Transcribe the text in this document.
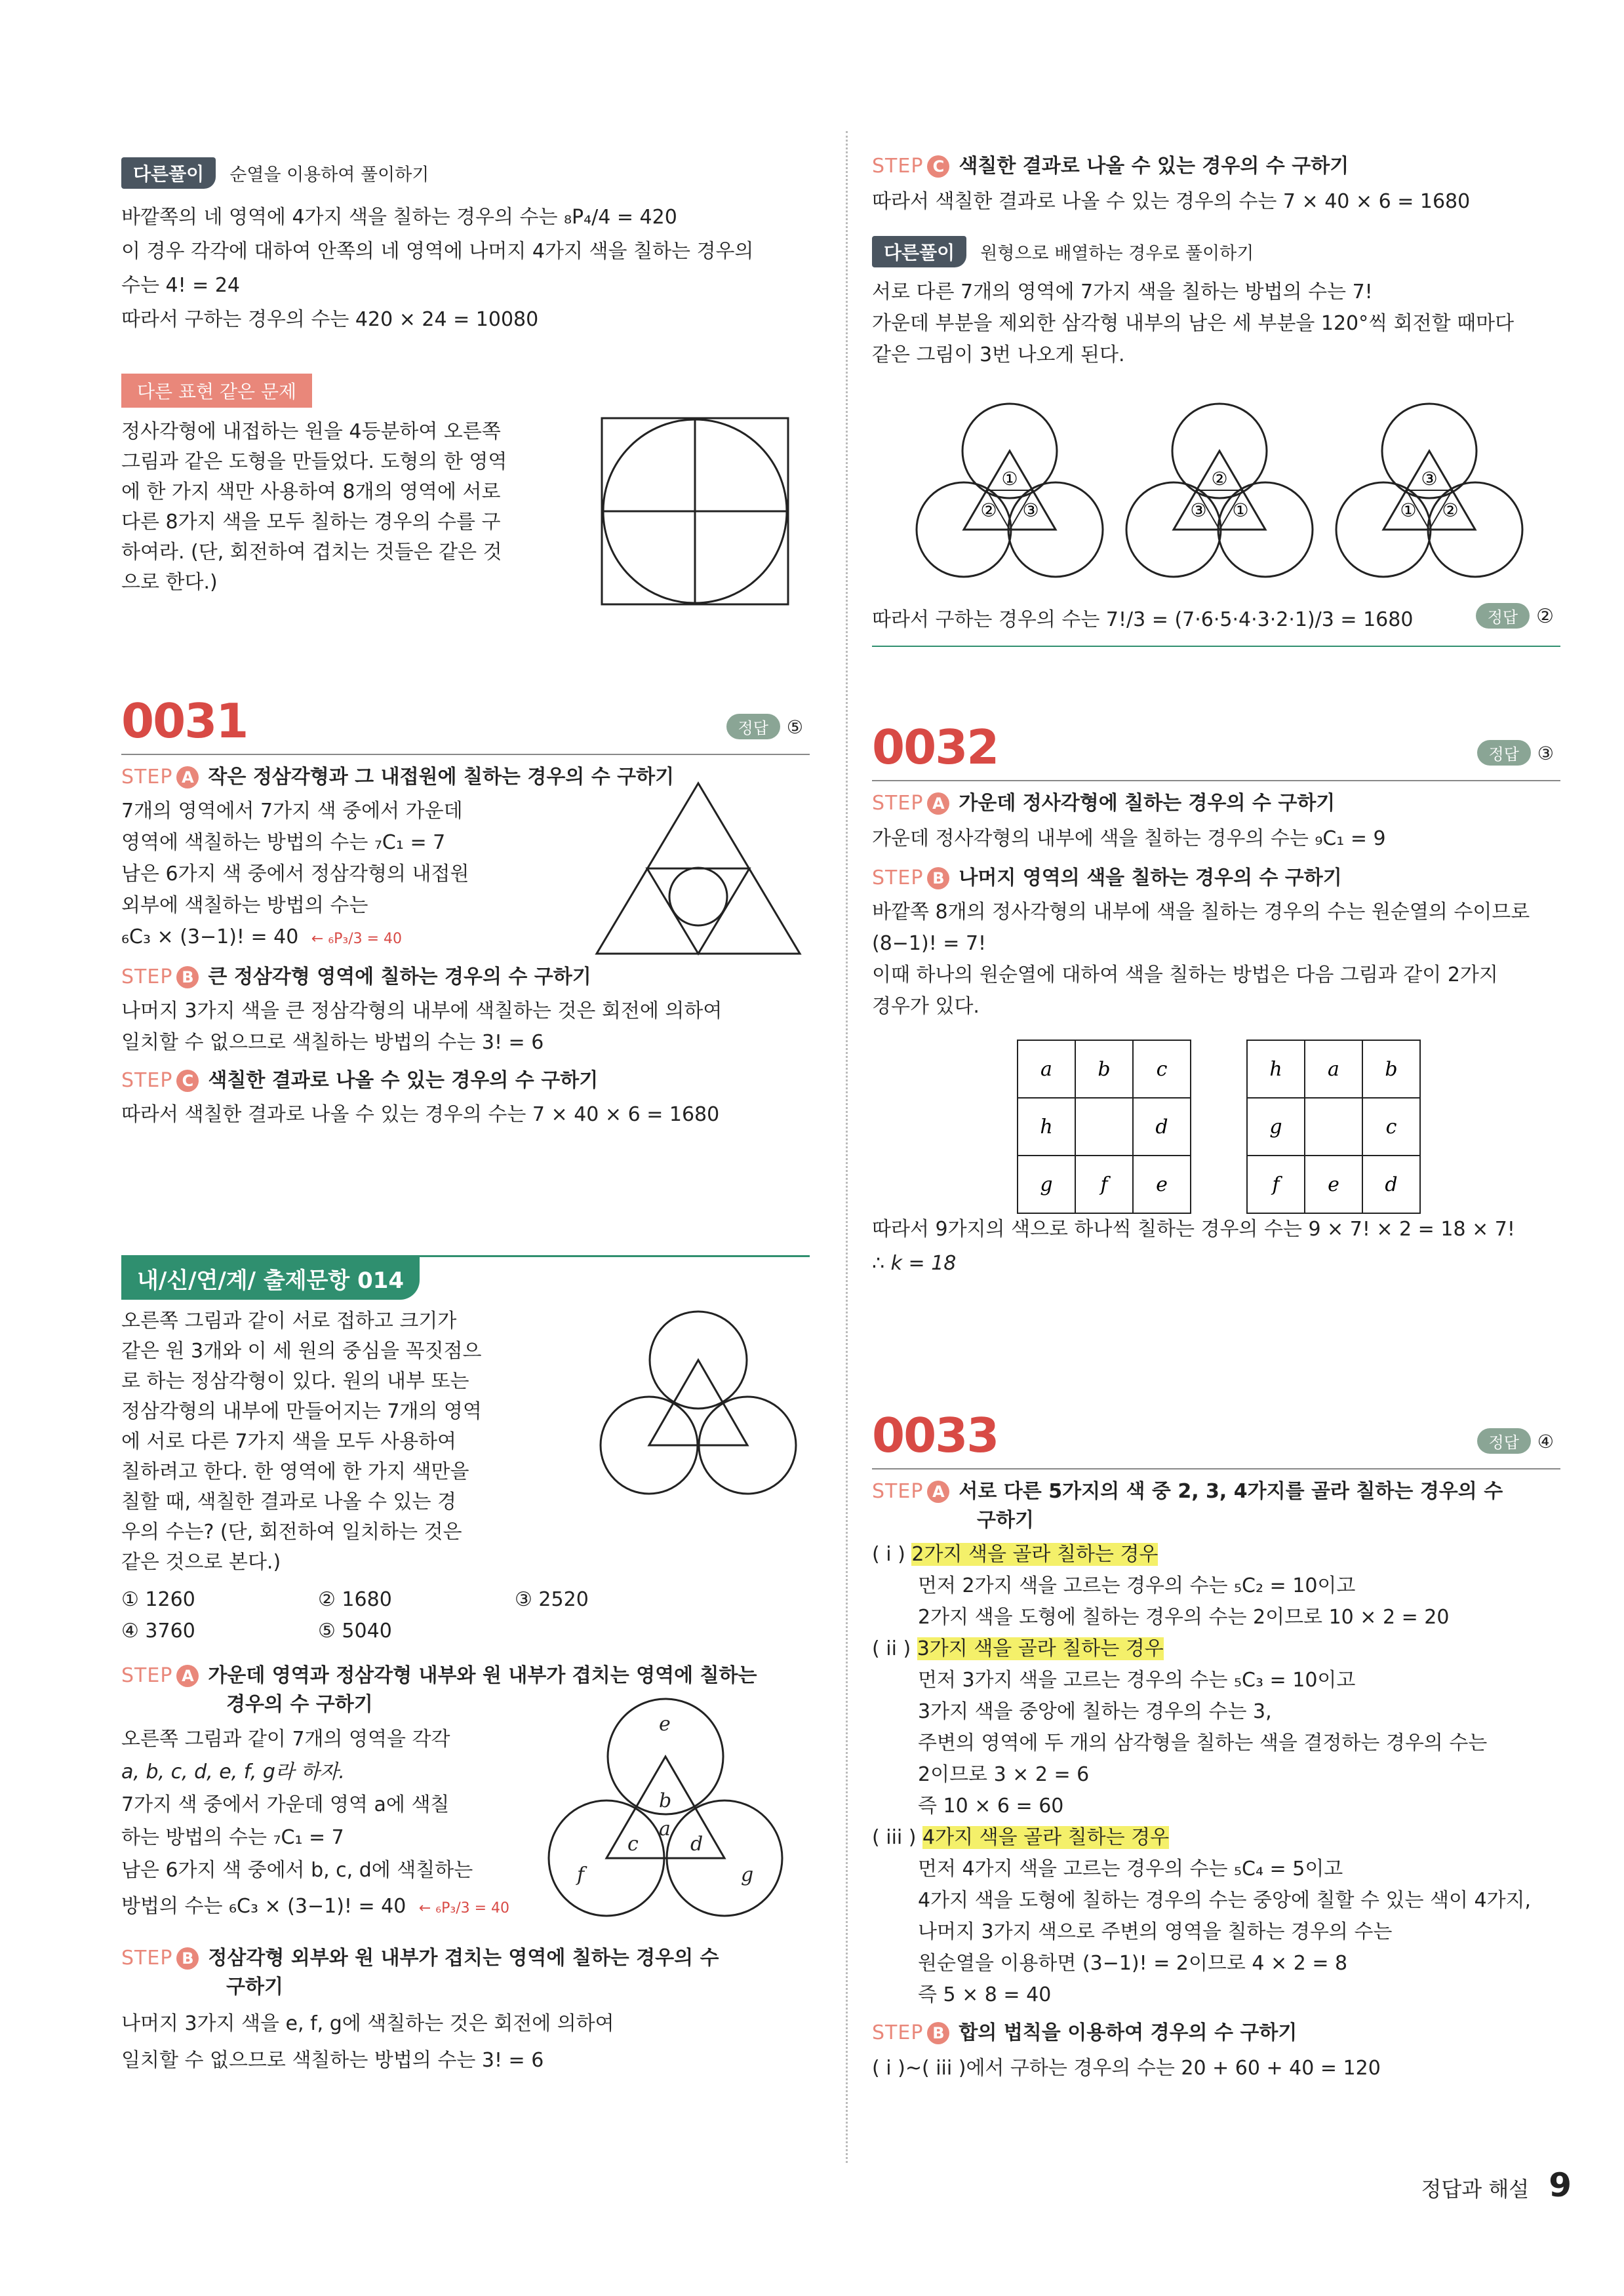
다른풀이 순열을 이용하여 풀이하기

바깥쪽의 네 영역에 4가지 색을 칠하는 경우의 수는 ₈P₄/4 = 420

이 경우 각각에 대하여 안쪽의 네 영역에 나머지 4가지 색을 칠하는 경우의

수는 4! = 24

따라서 구하는 경우의 수는 420 × 24 = 10080

다른 표현 같은 문제

정사각형에 내접하는 원을 4등분하여 오른쪽

그림과 같은 도형을 만들었다. 도형의 한 영역

에 한 가지 색만 사용하여 8개의 영역에 서로

다른 8가지 색을 모두 칠하는 경우의 수를 구

하여라. (단, 회전하여 겹치는 것들은 같은 것

으로 한다.)

0031	정답 ⑤
STEP A 작은 정삼각형과 그 내접원에 칠하는 경우의 수 구하기

7개의 영역에서 7가지 색 중에서 가운데

영역에 색칠하는 방법의 수는 ₇C₁ = 7

남은 6가지 색 중에서 정삼각형의 내접원

외부에 색칠하는 방법의 수는

₆C₃ × (3−1)! = 40 ← ₆P₃/3 = 40

STEP B 큰 정삼각형 영역에 칠하는 경우의 수 구하기

나머지 3가지 색을 큰 정삼각형의 내부에 색칠하는 것은 회전에 의하여

일치할 수 없으므로 색칠하는 방법의 수는 3! = 6

STEP C 색칠한 결과로 나올 수 있는 경우의 수 구하기

따라서 색칠한 결과로 나올 수 있는 경우의 수는 7 × 40 × 6 = 1680

내/신/연/계/ 출제문항 014

오른쪽 그림과 같이 서로 접하고 크기가

같은 원 3개와 이 세 원의 중심을 꼭짓점으

로 하는 정삼각형이 있다. 원의 내부 또는

정삼각형의 내부에 만들어지는 7개의 영역

에 서로 다른 7가지 색을 모두 사용하여

칠하려고 한다. 한 영역에 한 가지 색만을

칠할 때, 색칠한 결과로 나올 수 있는 경

우의 수는? (단, 회전하여 일치하는 것은

같은 것으로 본다.)

① 1260	② 1680	③ 2520
④ 3760	⑤ 5040
STEP A 가운데 영역과 정삼각형 내부와 원 내부가 겹치는 영역에 칠하는
경우의 수 구하기

오른쪽 그림과 같이 7개의 영역을 각각

a, b, c, d, e, f, g라 하자.

7가지 색 중에서 가운데 영역 a에 색칠

하는 방법의 수는 ₇C₁ = 7

남은 6가지 색 중에서 b, c, d에 색칠하는

방법의 수는 ₆C₃ × (3−1)! = 40 ← ₆P₃/3 = 40

e
b
a
c	d
f	g
STEP B 정삼각형 외부와 원 내부가 겹치는 영역에 칠하는 경우의 수
구하기

나머지 3가지 색을 e, f, g에 색칠하는 것은 회전에 의하여

일치할 수 없으므로 색칠하는 방법의 수는 3! = 6

STEP C 색칠한 결과로 나올 수 있는 경우의 수 구하기

따라서 색칠한 결과로 나올 수 있는 경우의 수는 7 × 40 × 6 = 1680

다른풀이 원형으로 배열하는 경우로 풀이하기

서로 다른 7개의 영역에 7가지 색을 칠하는 방법의 수는 7!

가운데 부분을 제외한 삼각형 내부의 남은 세 부분을 120°씩 회전할 때마다

같은 그림이 3번 나오게 된다.

①
② ③
②
③ ①
③
① ②
따라서 구하는 경우의 수는 7!/3 = (7·6·5·4·3·2·1)/3 = 1680	정답 ②
0032	정답 ③
STEP A 가운데 정사각형에 칠하는 경우의 수 구하기

가운데 정사각형의 내부에 색을 칠하는 경우의 수는 ₉C₁ = 9

STEP B 나머지 영역의 색을 칠하는 경우의 수 구하기

바깥쪽 8개의 정사각형의 내부에 색을 칠하는 경우의 수는 원순열의 수이므로

(8−1)! = 7!

이때 하나의 원순열에 대하여 색을 칠하는 방법은 다음 그림과 같이 2가지

경우가 있다.

a b c
h	d
g f e
h a b
g	c
f e d

따라서 9가지의 색으로 하나씩 칠하는 경우의 수는 9 × 7! × 2 = 18 × 7!

∴ k = 18

0033	정답 ④
STEP A 서로 다른 5가지의 색 중 2, 3, 4가지를 골라 칠하는 경우의 수
구하기

( i ) 2가지 색을 골라 칠하는 경우

먼저 2가지 색을 고르는 경우의 수는 ₅C₂ = 10이고

2가지 색을 도형에 칠하는 경우의 수는 2이므로 10 × 2 = 20

( ii ) 3가지 색을 골라 칠하는 경우

먼저 3가지 색을 고르는 경우의 수는 ₅C₃ = 10이고

3가지 색을 중앙에 칠하는 경우의 수는 3,

주변의 영역에 두 개의 삼각형을 칠하는 색을 결정하는 경우의 수는

2이므로 3 × 2 = 6

즉 10 × 6 = 60

( iii ) 4가지 색을 골라 칠하는 경우

먼저 4가지 색을 고르는 경우의 수는 ₅C₄ = 5이고

4가지 색을 도형에 칠하는 경우의 수는 중앙에 칠할 수 있는 색이 4가지,

나머지 3가지 색으로 주변의 영역을 칠하는 경우의 수는

원순열을 이용하면 (3−1)! = 2이므로 4 × 2 = 8

즉 5 × 8 = 40

STEP B 합의 법칙을 이용하여 경우의 수 구하기

( i )~( iii )에서 구하는 경우의 수는 20 + 60 + 40 = 120

정답과 해설 9
